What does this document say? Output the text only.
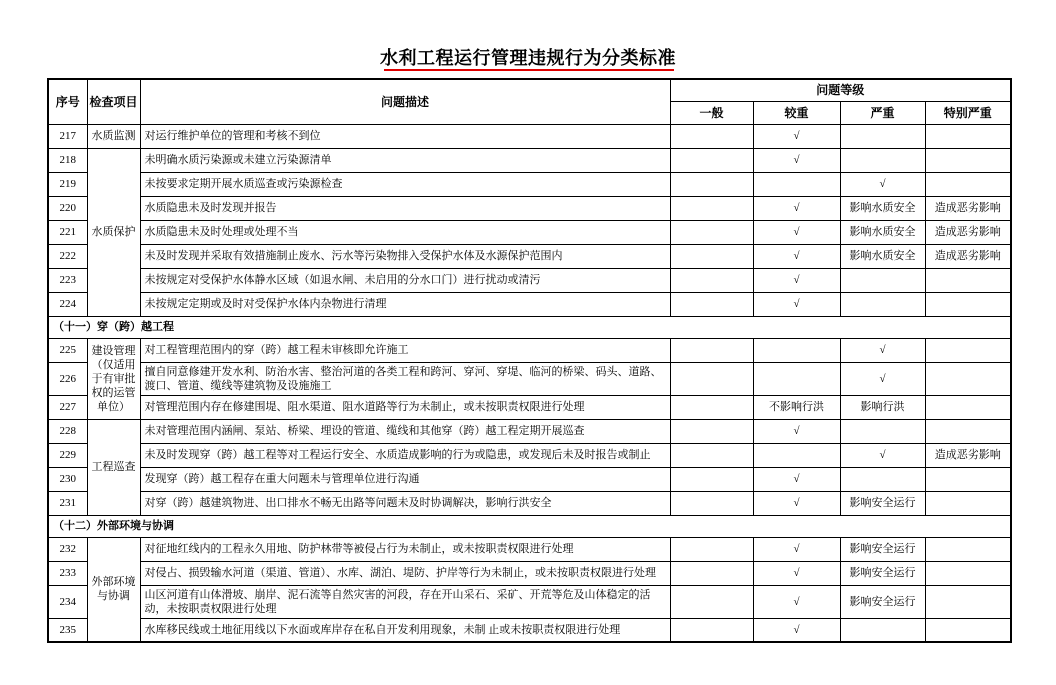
水利工程运行管理违规行为分类标准
序号	检查项目	问题描述	问题等级			
			一般	较重	严重	特别严重
217	水质监测	对运行维护单位的管理和考核不到位		√		
218	水质保护	未明确水质污染源或未建立污染源清单		√		
219		未按要求定期开展水质巡查或污染源检查			√	
220		水质隐患未及时发现并报告		√	影响水质安全	造成恶劣影响
221		水质隐患未及时处理或处理不当		√	影响水质安全	造成恶劣影响
222		未及时发现并采取有效措施制止废水、污水等污染物排入受保护水体及水源保护范围内		√	影响水质安全	造成恶劣影响
223		未按规定对受保护水体静水区域（如退水闸、未启用的分水口门）进行扰动或清污		√		
224		未按规定定期或及时对受保护水体内杂物进行清理		√		
（十一）穿（跨）越工程						
225	建设管理（仅适用于有审批权的运管单位）	对工程管理范围内的穿（跨）越工程未审核即允许施工			√	
226		擅自同意修建开发水利、防治水害、整治河道的各类工程和跨河、穿河、穿堤、临河的桥梁、码头、道路、渡口、管道、缆线等建筑物及设施施工			√	
227		对管理范围内存在修建围堤、阻水渠道、阻水道路等行为未制止，或未按职责权限进行处理		不影响行洪	影响行洪	
228	工程巡查	未对管理范围内涵闸、泵站、桥梁、埋设的管道、缆线和其他穿（跨）越工程定期开展巡查		√		
229		未及时发现穿（跨）越工程等对工程运行安全、水质造成影响的行为或隐患，或发现后未及时报告或制止			√	造成恶劣影响
230		发现穿（跨）越工程存在重大问题未与管理单位进行沟通		√		
231		对穿（跨）越建筑物进、出口排水不畅无出路等问题未及时协调解决，影响行洪安全		√	影响安全运行	
（十二）外部环境与协调						
232	外部环境与协调	对征地红线内的工程永久用地、防护林带等被侵占行为未制止，或未按职责权限进行处理		√	影响安全运行	
233		对侵占、损毁输水河道（渠道、管道）、水库、湖泊、堤防、护岸等行为未制止，或未按职责权限进行处理		√	影响安全运行	
234		山区河道有山体滑坡、崩岸、泥石流等自然灾害的河段，存在开山采石、采矿、开荒等危及山体稳定的活动，未按职责权限进行处理		√	影响安全运行	
235		水库移民线或土地征用线以下水面或库岸存在私自开发利用现象，未制 止或未按职责权限进行处理		√		
